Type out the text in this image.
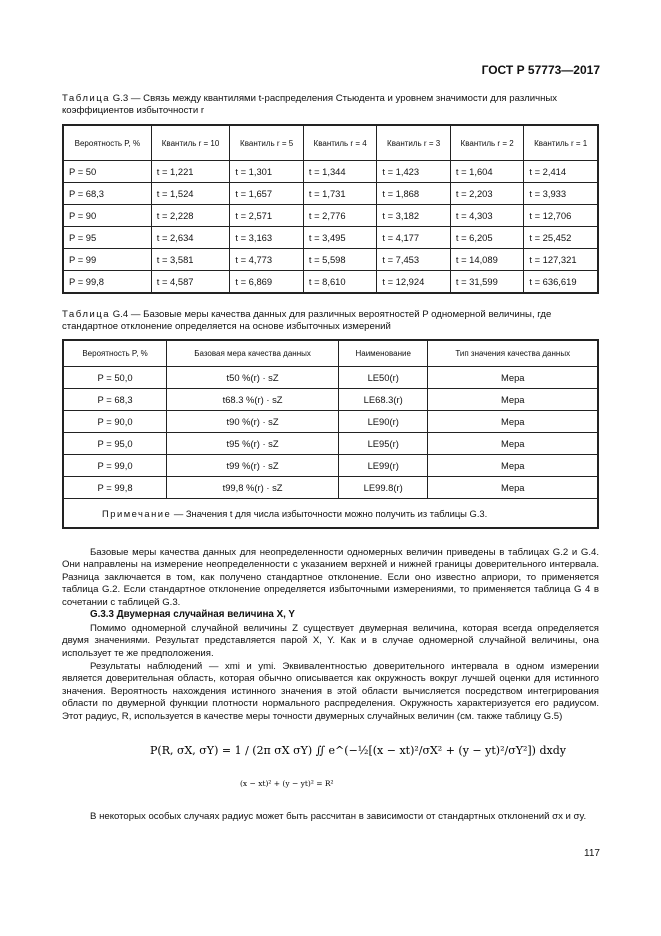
ГОСТ Р 57773—2017
Таблица G.3 — Связь между квантилями t-распределения Стьюдента и уровнем значимости для различных коэффициентов избыточности r
Вероятность P, %	Квантиль r = 10	Квантиль r = 5	Квантиль r = 4	Квантиль r = 3	Квантиль r = 2	Квантиль r = 1
P = 50	t = 1,221	t = 1,301	t = 1,344	t = 1,423	t = 1,604	t = 2,414
P = 68,3	t = 1,524	t = 1,657	t = 1,731	t = 1,868	t = 2,203	t = 3,933
P = 90	t = 2,228	t = 2,571	t = 2,776	t = 3,182	t = 4,303	t = 12,706
P = 95	t = 2,634	t = 3,163	t = 3,495	t = 4,177	t = 6,205	t = 25,452
P = 99	t = 3,581	t = 4,773	t = 5,598	t = 7,453	t = 14,089	t = 127,321
P = 99,8	t = 4,587	t = 6,869	t = 8,610	t = 12,924	t = 31,599	t = 636,619
Таблица G.4 — Базовые меры качества данных для различных вероятностей P одномерной величины, где стандартное отклонение определяется на основе избыточных измерений
Вероятность P, %	Базовая мера качества данных	Наименование	Тип значения качества данных
P = 50,0	t50 %(r) · sZ	LE50(r)	Мера
P = 68,3	t68.3 %(r) · sZ	LE68.3(r)	Мера
P = 90,0	t90 %(r) · sZ	LE90(r)	Мера
P = 95,0	t95 %(r) · sZ	LE95(r)	Мера
P = 99,0	t99 %(r) · sZ	LE99(r)	Мера
P = 99,8	t99,8 %(r) · sZ	LE99.8(r)	Мера
Примечание — Значения t для числа избыточности можно получить из таблицы G.3.			
Базовые меры качества данных для неопределенности одномерных величин приведены в таблицах G.2 и G.4. Они направлены на измерение неопределенности с указанием верхней и нижней границы доверительного интервала. Разница заключается в том, как получено стандартное отклонение. Если оно известно априори, то применяется таблица G.2. Если стандартное отклонение определяется избыточными измерениями, то применяется таблица G 4 в сочетании с таблицей G.3.
G.3.3 Двумерная случайная величина X, Y
Помимо одномерной случайной величины Z существует двумерная величина, которая всегда определяется двумя значениями. Результат представляется парой X, Y. Как и в случае одномерной случайной величины, она использует те же предположения.
Результаты наблюдений — xmi и ymi. Эквивалентностью доверительного интервала в одном измерении является доверительная область, которая обычно описывается как окружность вокруг лучшей оценки для истинного значения. Вероятность нахождения истинного значения в этой области вычисляется посредством интегрирования области по двумерной функции плотности нормального распределения. Окружность характеризуется его радиусом. Этот радиус, R, используется в качестве меры точности двумерных случайных величин (см. также таблицу G.5)
P(R, σX, σY) = 1 / (2π σX σY) ∬ e^(−½[(x − xt)²/σX² + (y − yt)²/σY²]) dxdy
(x − xt)² + (y − yt)² = R²
В некоторых особых случаях радиус может быть рассчитан в зависимости от стандартных отклонений σx и σy.
117
